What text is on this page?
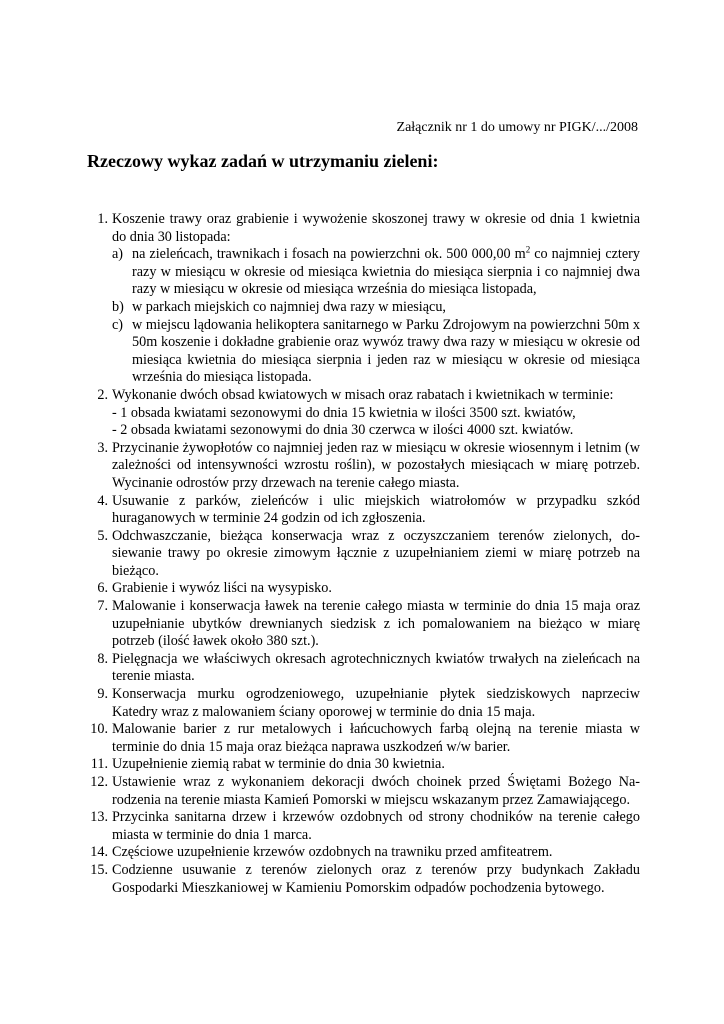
Załącznik nr 1 do umowy nr PIGK/.../2008
Rzeczowy wykaz zadań w utrzymaniu zieleni:
1. Koszenie trawy oraz grabienie i wywożenie skoszonej trawy w okresie od dnia 1 kwietnia do dnia 30 listopada:
a) na zieleńcach, trawnikach i fosach na powierzchni ok. 500 000,00 $m^2$ co najmniej cztery razy w miesiącu w okresie od miesiąca kwietnia do miesiąca sierpnia i co najmniej dwa razy w miesiącu w okresie od miesiąca września do miesiąca listopada,
b) w parkach miejskich co najmniej dwa razy w miesiącu,
c) w miejscu lądowania helikoptera sanitarnego w Parku Zdrojowym na powierzchni 50m x 50m koszenie i dokładne grabienie oraz wywóz trawy dwa razy w miesiącu w okresie od miesiąca kwietnia do miesiąca sierpnia i jeden raz w miesiącu w okresie od miesiąca września do miesiąca listopada.
2. Wykonanie dwóch obsad kwiatowych w misach oraz rabatach i kwietnikach w terminie:
- 1 obsada kwiatami sezonowymi do dnia 15 kwietnia w ilości 3500 szt. kwiatów,
- 2 obsada kwiatami sezonowymi do dnia 30 czerwca w ilości 4000 szt. kwiatów.
3. Przycinanie żywopłotów co najmniej jeden raz w miesiącu w okresie wiosennym i letnim (w zależności od intensywności wzrostu roślin), w pozostałych miesiącach w miarę potrzeb. Wycinanie odrostów przy drzewach na terenie całego miasta.
4. Usuwanie z parków, zieleńców i ulic miejskich wiatrołomów w przypadku szkód huraganowych w terminie 24 godzin od ich zgłoszenia.
5. Odchwaszczanie, bieżąca konserwacja wraz z oczyszczaniem terenów zielonych, do-siewanie trawy po okresie zimowym łącznie z uzupełnianiem ziemi w miarę potrzeb na bieżąco.
6. Grabienie i wywóz liści na wysypisko.
7. Malowanie i konserwacja ławek na terenie całego miasta w terminie do dnia 15 maja oraz uzupełnianie ubytków drewnianych siedzisk z ich pomalowaniem na bieżąco w miarę potrzeb (ilość ławek około 380 szt.).
8. Pielęgnacja we właściwych okresach agrotechnicznych kwiatów trwałych na zieleńcach na terenie miasta.
9. Konserwacja murku ogrodzeniowego, uzupełnianie płytek siedziskowych naprzeciw Katedry wraz z malowaniem ściany oporowej w terminie do dnia 15 maja.
10. Malowanie barier z rur metalowych i łańcuchowych farbą olejną na terenie miasta w terminie do dnia 15 maja oraz bieżąca naprawa uszkodzeń w/w barier.
11. Uzupełnienie ziemią rabat w terminie do dnia 30 kwietnia.
12. Ustawienie wraz z wykonaniem dekoracji dwóch choinek przed Świętami Bożego Na-rodzenia na terenie miasta Kamień Pomorski w miejscu wskazanym przez Zamawiającego.
13. Przycinka sanitarna drzew i krzewów ozdobnych od strony chodników na terenie całego miasta w terminie do dnia 1 marca.
14. Częściowe uzupełnienie krzewów ozdobnych na trawniku przed amfiteatrem.
15. Codzienne usuwanie z terenów zielonych oraz z terenów przy budynkach Zakładu Gospodarki Mieszkaniowej w Kamieniu Pomorskim odpadów pochodzenia bytowego.
